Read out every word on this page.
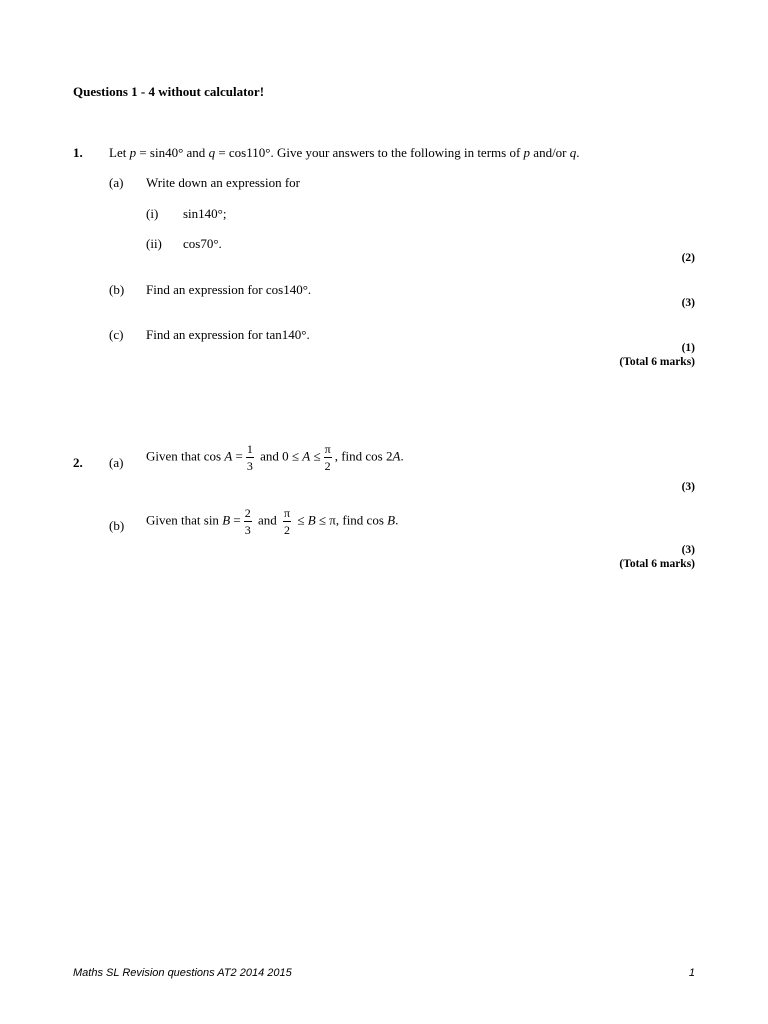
Questions 1 - 4 without calculator!
1. Let p = sin40° and q = cos110°. Give your answers to the following in terms of p and/or q.
(a) Write down an expression for
(i) sin140°;
(ii) cos70°.
(2)
(b) Find an expression for cos140°.
(3)
(c) Find an expression for tan140°.
(1)
(Total 6 marks)
2. (a) Given that $\cos A = \frac{1}{3}$ and $0 \le A \le \frac{\pi}{2}$ , find cos 2A.
(3)
(b) Given that $\sin B = \frac{2}{3}$ and $\frac{\pi}{2} \le B \le \pi$, find cos B.
(3)
(Total 6 marks)
Maths SL Revision questions AT2 2014 2015	1
